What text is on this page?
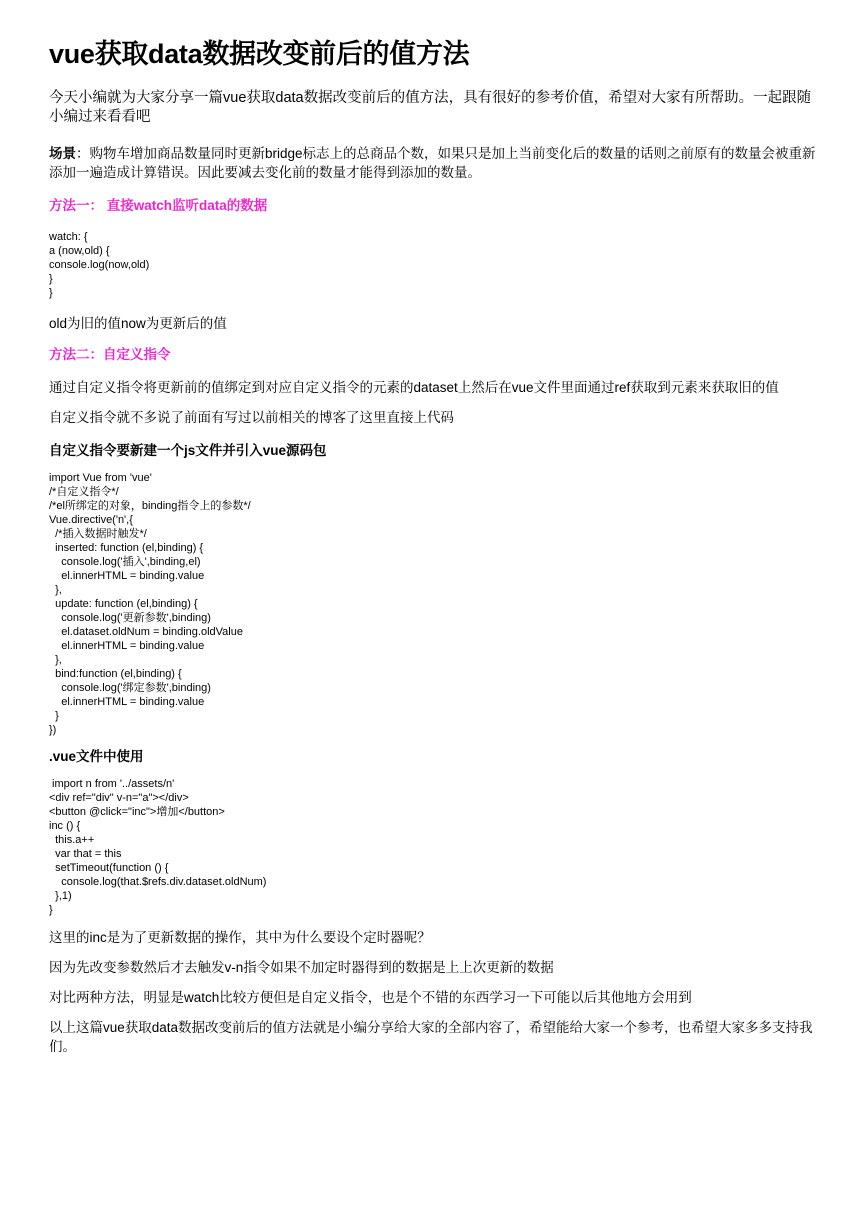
vue获取data数据改变前后的值方法

今天小编就为大家分享一篇vue获取data数据改变前后的值方法，具有很好的参考价值，希望对大家有所帮助。一起跟随小编过来看看吧

场景：购物车增加商品数量同时更新bridge标志上的总商品个数，如果只是加上当前变化后的数量的话则之前原有的数量会被重新添加一遍造成计算错误。因此要减去变化前的数量才能得到添加的数量。

方法一： 直接watch监听data的数据

watch: {
a (now,old) {
console.log(now,old)
}
}

old为旧的值now为更新后的值

方法二：自定义指令

通过自定义指令将更新前的值绑定到对应自定义指令的元素的dataset上然后在vue文件里面通过ref获取到元素来获取旧的值

自定义指令就不多说了前面有写过以前相关的博客了这里直接上代码

自定义指令要新建一个js文件并引入vue源码包

import Vue from 'vue'
/*自定义指令*/
/*el所绑定的对象，binding指令上的参数*/
Vue.directive('n',{
/*插入数据时触发*/
inserted: function (el,binding) {
console.log('插入',binding,el)
el.innerHTML = binding.value
},
update: function (el,binding) {
console.log('更新参数',binding)
el.dataset.oldNum = binding.oldValue
el.innerHTML = binding.value
},
bind:function (el,binding) {
console.log('绑定参数',binding)
el.innerHTML = binding.value
}
})

.vue文件中使用

import n from '../assets/n'
<div ref="div" v-n="a"></div>
<button @click="inc">增加</button>
inc () {
this.a++
var that = this
setTimeout(function () {
console.log(that.$refs.div.dataset.oldNum)
},1)
}

这里的inc是为了更新数据的操作，其中为什么要设个定时器呢？

因为先改变参数然后才去触发v-n指令如果不加定时器得到的数据是上上次更新的数据

对比两种方法，明显是watch比较方便但是自定义指令，也是个不错的东西学习一下可能以后其他地方会用到

以上这篇vue获取data数据改变前后的值方法就是小编分享给大家的全部内容了，希望能给大家一个参考，也希望大家多多支持我们。
